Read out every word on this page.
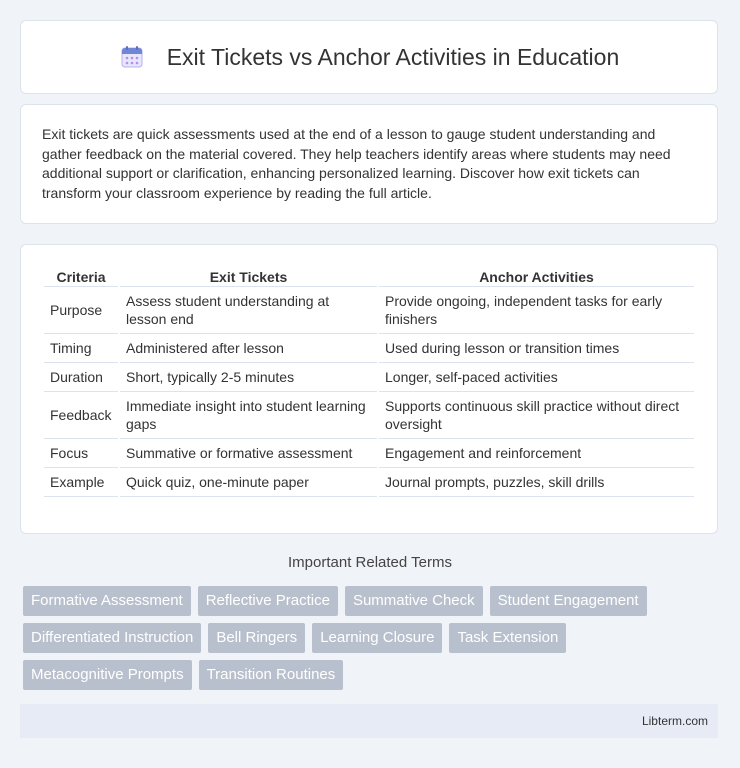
Exit Tickets vs Anchor Activities in Education
Exit tickets are quick assessments used at the end of a lesson to gauge student understanding and gather feedback on the material covered. They help teachers identify areas where students may need additional support or clarification, enhancing personalized learning. Discover how exit tickets can transform your classroom experience by reading the full article.
Criteria	Exit Tickets	Anchor Activities
Purpose	Assess student understanding at lesson end	Provide ongoing, independent tasks for early finishers
Timing	Administered after lesson	Used during lesson or transition times
Duration	Short, typically 2-5 minutes	Longer, self-paced activities
Feedback	Immediate insight into student learning gaps	Supports continuous skill practice without direct oversight
Focus	Summative or formative assessment	Engagement and reinforcement
Example	Quick quiz, one-minute paper	Journal prompts, puzzles, skill drills
Important Related Terms
Formative Assessment	Reflective Practice	Summative Check	Student Engagement
Differentiated Instruction	Bell Ringers	Learning Closure	Task Extension
Metacognitive Prompts	Transition Routines
Libterm.com
